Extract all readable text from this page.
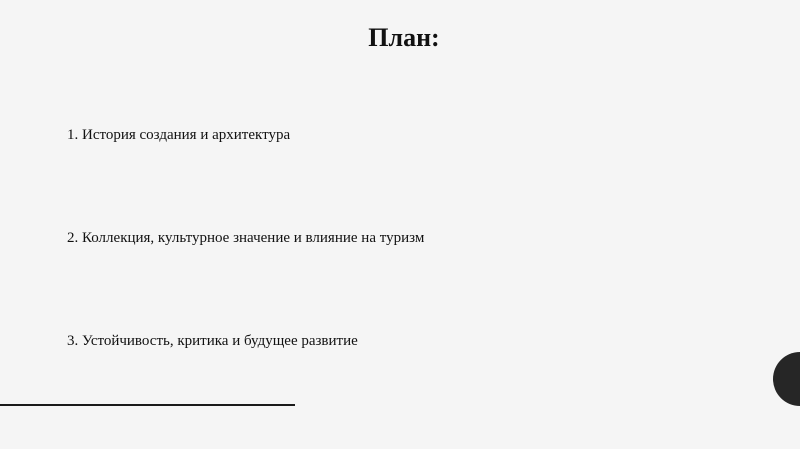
План:
1. История создания и архитектура
2. Коллекция, культурное значение и влияние на туризм
3. Устойчивость, критика и будущее развитие
